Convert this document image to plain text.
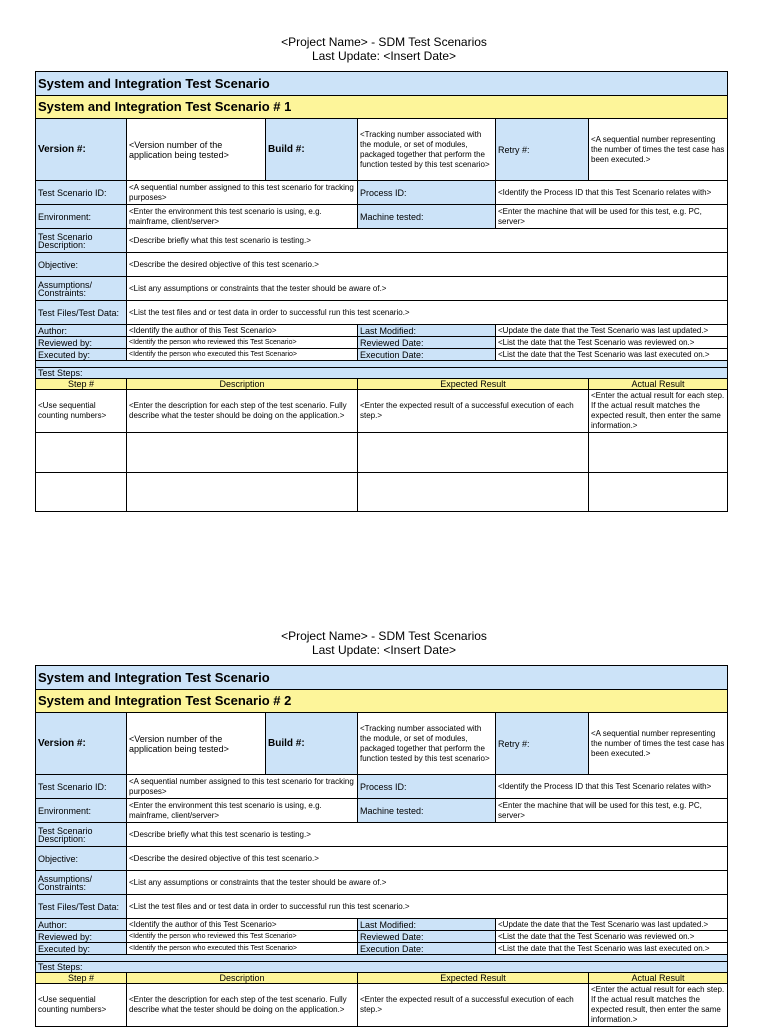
<Project Name> - SDM Test Scenarios
Last Update: <Insert Date>
System and Integration Test Scenario					
System and Integration Test Scenario # 1					
Version #:	<Version number of the application being tested>	Build #:	<Tracking number associated with the module, or set of modules, packaged together that perform the function tested by this test scenario>	Retry #:	<A sequential number representing the number of times the test case has been executed.>
Test Scenario ID:	<A sequential number assigned to this test scenario for tracking purposes>		Process ID:	<Identify the Process ID that this Test Scenario relates with>	
Environment:	<Enter the environment this test scenario is using, e.g. mainframe, client/server>		Machine tested:	<Enter the machine that will be used for this test, e.g. PC, server>	
Test Scenario Description:	<Describe briefly what this test scenario is testing.>				
Objective:	<Describe the desired objective of this test scenario.>				
Assumptions/ Constraints:	<List any assumptions or constraints that the tester should be aware of.>				
Test Files/Test Data:	<List the test files and or test data in order to successful run this test scenario.>				
Author:	<Identify the author of this Test Scenario>		Last Modified:	<Update the date that the Test Scenario was last updated.>	
Reviewed by:	<Identify the person who reviewed this Test Scenario>		Reviewed Date:	<List the date that the Test Scenario was reviewed on.>	
Executed by:	<Identify the person who executed this Test Scenario>		Execution Date:	<List the date that the Test Scenario was last executed on.>	

Test Steps:					
Step #	Description		Expected Result		Actual Result
<Use sequential counting numbers>	<Enter the description for each step of the test scenario. Fully describe what the tester should be doing on the application.>		<Enter the expected result of a successful execution of each step.>		<Enter the actual result for each step. If the actual result matches the expected result, then enter the same information.>

<Project Name> - SDM Test Scenarios
Last Update: <Insert Date>
System and Integration Test Scenario					
System and Integration Test Scenario # 2					
Version #:	<Version number of the application being tested>	Build #:	<Tracking number associated with the module, or set of modules, packaged together that perform the function tested by this test scenario>	Retry #:	<A sequential number representing the number of times the test case has been executed.>
Test Scenario ID:	<A sequential number assigned to this test scenario for tracking purposes>		Process ID:	<Identify the Process ID that this Test Scenario relates with>	
Environment:	<Enter the environment this test scenario is using, e.g. mainframe, client/server>		Machine tested:	<Enter the machine that will be used for this test, e.g. PC, server>	
Test Scenario Description:	<Describe briefly what this test scenario is testing.>				
Objective:	<Describe the desired objective of this test scenario.>				
Assumptions/ Constraints:	<List any assumptions or constraints that the tester should be aware of.>				
Test Files/Test Data:	<List the test files and or test data in order to successful run this test scenario.>				
Author:	<Identify the author of this Test Scenario>		Last Modified:	<Update the date that the Test Scenario was last updated.>	
Reviewed by:	<Identify the person who reviewed this Test Scenario>		Reviewed Date:	<List the date that the Test Scenario was reviewed on.>	
Executed by:	<Identify the person who executed this Test Scenario>		Execution Date:	<List the date that the Test Scenario was last executed on.>	

Test Steps:					
Step #	Description		Expected Result		Actual Result
<Use sequential counting numbers>	<Enter the description for each step of the test scenario. Fully describe what the tester should be doing on the application.>		<Enter the expected result of a successful execution of each step.>		<Enter the actual result for each step. If the actual result matches the expected result, then enter the same information.>
